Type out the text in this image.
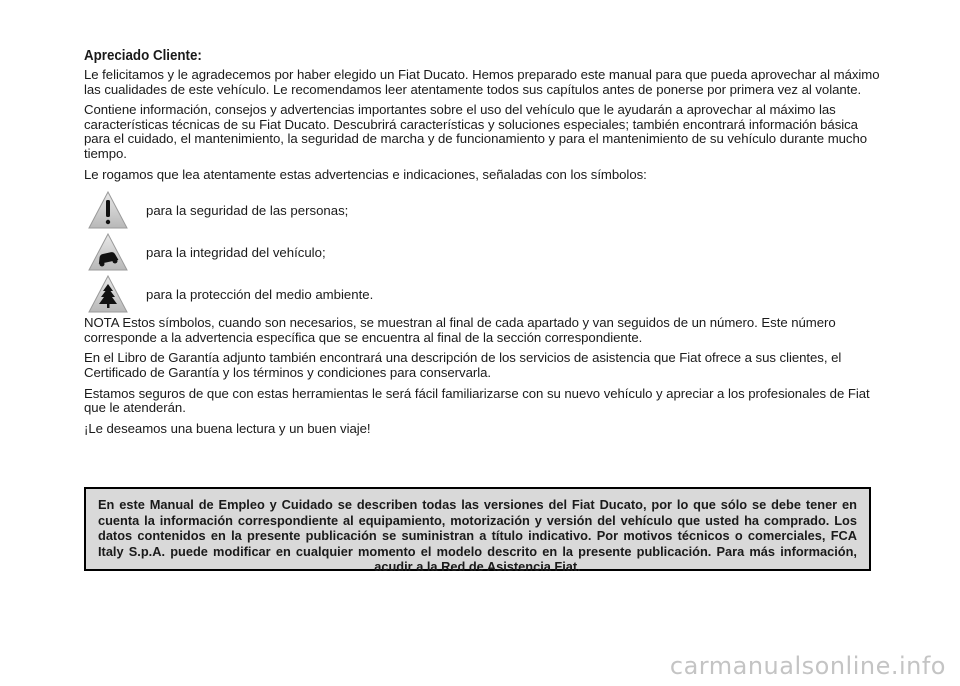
Apreciado Cliente:

Le felicitamos y le agradecemos por haber elegido un Fiat Ducato. Hemos preparado este manual para que pueda aprovechar al máximo las cualidades de este vehículo. Le recomendamos leer atentamente todos sus capítulos antes de ponerse por primera vez al volante.

Contiene información, consejos y advertencias importantes sobre el uso del vehículo que le ayudarán a aprovechar al máximo las características técnicas de su Fiat Ducato. Descubrirá características y soluciones especiales; también encontrará información básica para el cuidado, el mantenimiento, la seguridad de marcha y de funcionamiento y para el mantenimiento de su vehículo durante mucho tiempo.

Le rogamos que lea atentamente estas advertencias e indicaciones, señaladas con los símbolos:

para la seguridad de las personas;
para la integridad del vehículo;
para la protección del medio ambiente.

NOTA Estos símbolos, cuando son necesarios, se muestran al final de cada apartado y van seguidos de un número. Este número corresponde a la advertencia específica que se encuentra al final de la sección correspondiente.

En el Libro de Garantía adjunto también encontrará una descripción de los servicios de asistencia que Fiat ofrece a sus clientes, el Certificado de Garantía y los términos y condiciones para conservarla.

Estamos seguros de que con estas herramientas le será fácil familiarizarse con su nuevo vehículo y apreciar a los profesionales de Fiat que le atenderán.

¡Le deseamos una buena lectura y un buen viaje!

En este Manual de Empleo y Cuidado se describen todas las versiones del Fiat Ducato, por lo que sólo se debe tener en cuenta la información correspondiente al equipamiento, motorización y versión del vehículo que usted ha comprado. Los datos contenidos en la presente publicación se suministran a título indicativo. Por motivos técnicos o comerciales, FCA Italy S.p.A. puede modificar en cualquier momento el modelo descrito en la presente publicación. Para más información, acudir a la Red de Asistencia Fiat.
carmanualsonline.info
